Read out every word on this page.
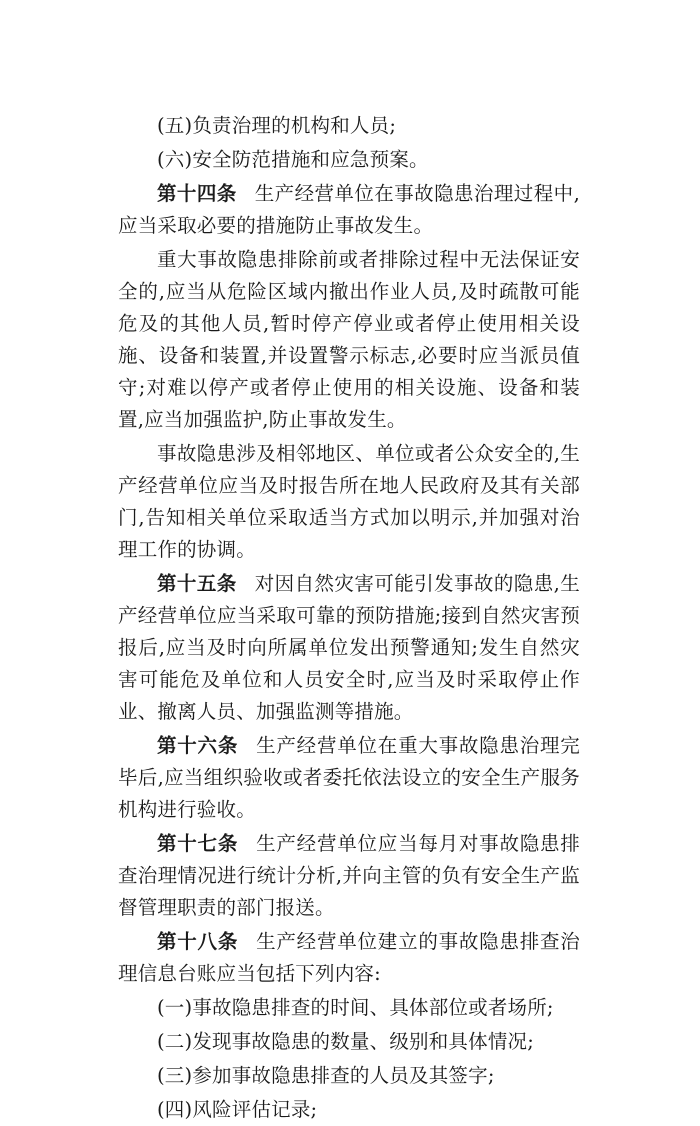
(五)负责治理的机构和人员;

(六)安全防范措施和应急预案。

第十四条 生产经营单位在事故隐患治理过程中,应当采取必要的措施防止事故发生。

重大事故隐患排除前或者排除过程中无法保证安全的,应当从危险区域内撤出作业人员,及时疏散可能危及的其他人员,暂时停产停业或者停止使用相关设施、设备和装置,并设置警示标志,必要时应当派员值守;对难以停产或者停止使用的相关设施、设备和装置,应当加强监护,防止事故发生。

事故隐患涉及相邻地区、单位或者公众安全的,生产经营单位应当及时报告所在地人民政府及其有关部门,告知相关单位采取适当方式加以明示,并加强对治理工作的协调。

第十五条 对因自然灾害可能引发事故的隐患,生产经营单位应当采取可靠的预防措施;接到自然灾害预报后,应当及时向所属单位发出预警通知;发生自然灾害可能危及单位和人员安全时,应当及时采取停止作业、撤离人员、加强监测等措施。

第十六条 生产经营单位在重大事故隐患治理完毕后,应当组织验收或者委托依法设立的安全生产服务机构进行验收。

第十七条 生产经营单位应当每月对事故隐患排查治理情况进行统计分析,并向主管的负有安全生产监督管理职责的部门报送。

第十八条 生产经营单位建立的事故隐患排查治理信息台账应当包括下列内容:

(一)事故隐患排查的时间、具体部位或者场所;

(二)发现事故隐患的数量、级别和具体情况;

(三)参加事故隐患排查的人员及其签字;

(四)风险评估记录;
